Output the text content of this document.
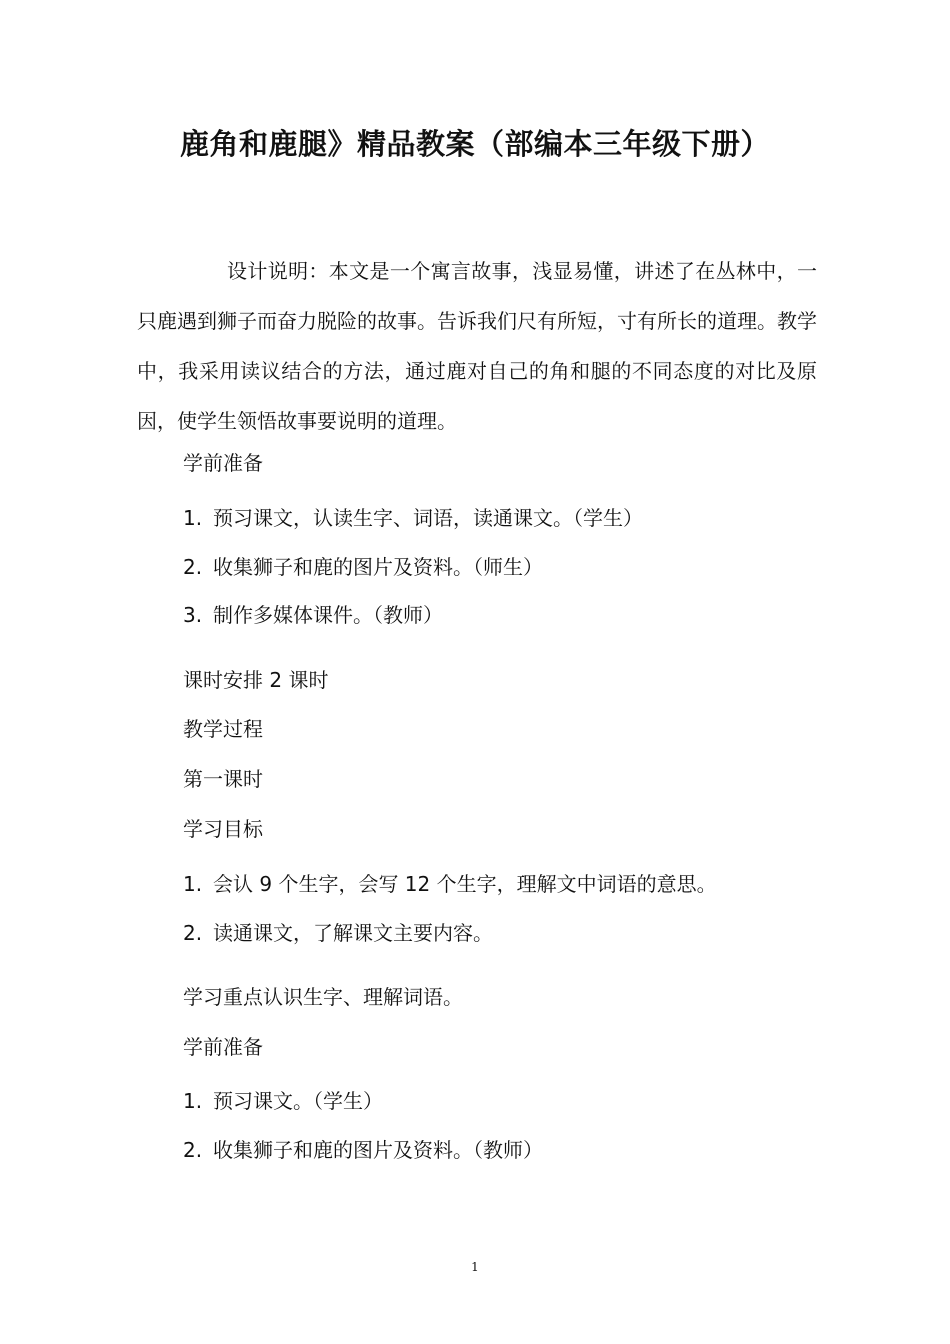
鹿角和鹿腿》精品教案（部编本三年级下册）
设计说明：本文是一个寓言故事，浅显易懂，讲述了在丛林中，一只鹿遇到狮子而奋力脱险的故事。告诉我们尺有所短，寸有所长的道理。教学中，我采用读议结合的方法，通过鹿对自己的角和腿的不同态度的对比及原因，使学生领悟故事要说明的道理。
学前准备
1. 预习课文，认读生字、词语，读通课文。（学生）
2. 收集狮子和鹿的图片及资料。（师生）
3. 制作多媒体课件。（教师）
课时安排 2 课时
教学过程
第一课时
学习目标
1. 会认 9 个生字，会写 12 个生字，理解文中词语的意思。
2. 读通课文，了解课文主要内容。
学习重点认识生字、理解词语。
学前准备
1. 预习课文。（学生）
2. 收集狮子和鹿的图片及资料。（教师）
1
